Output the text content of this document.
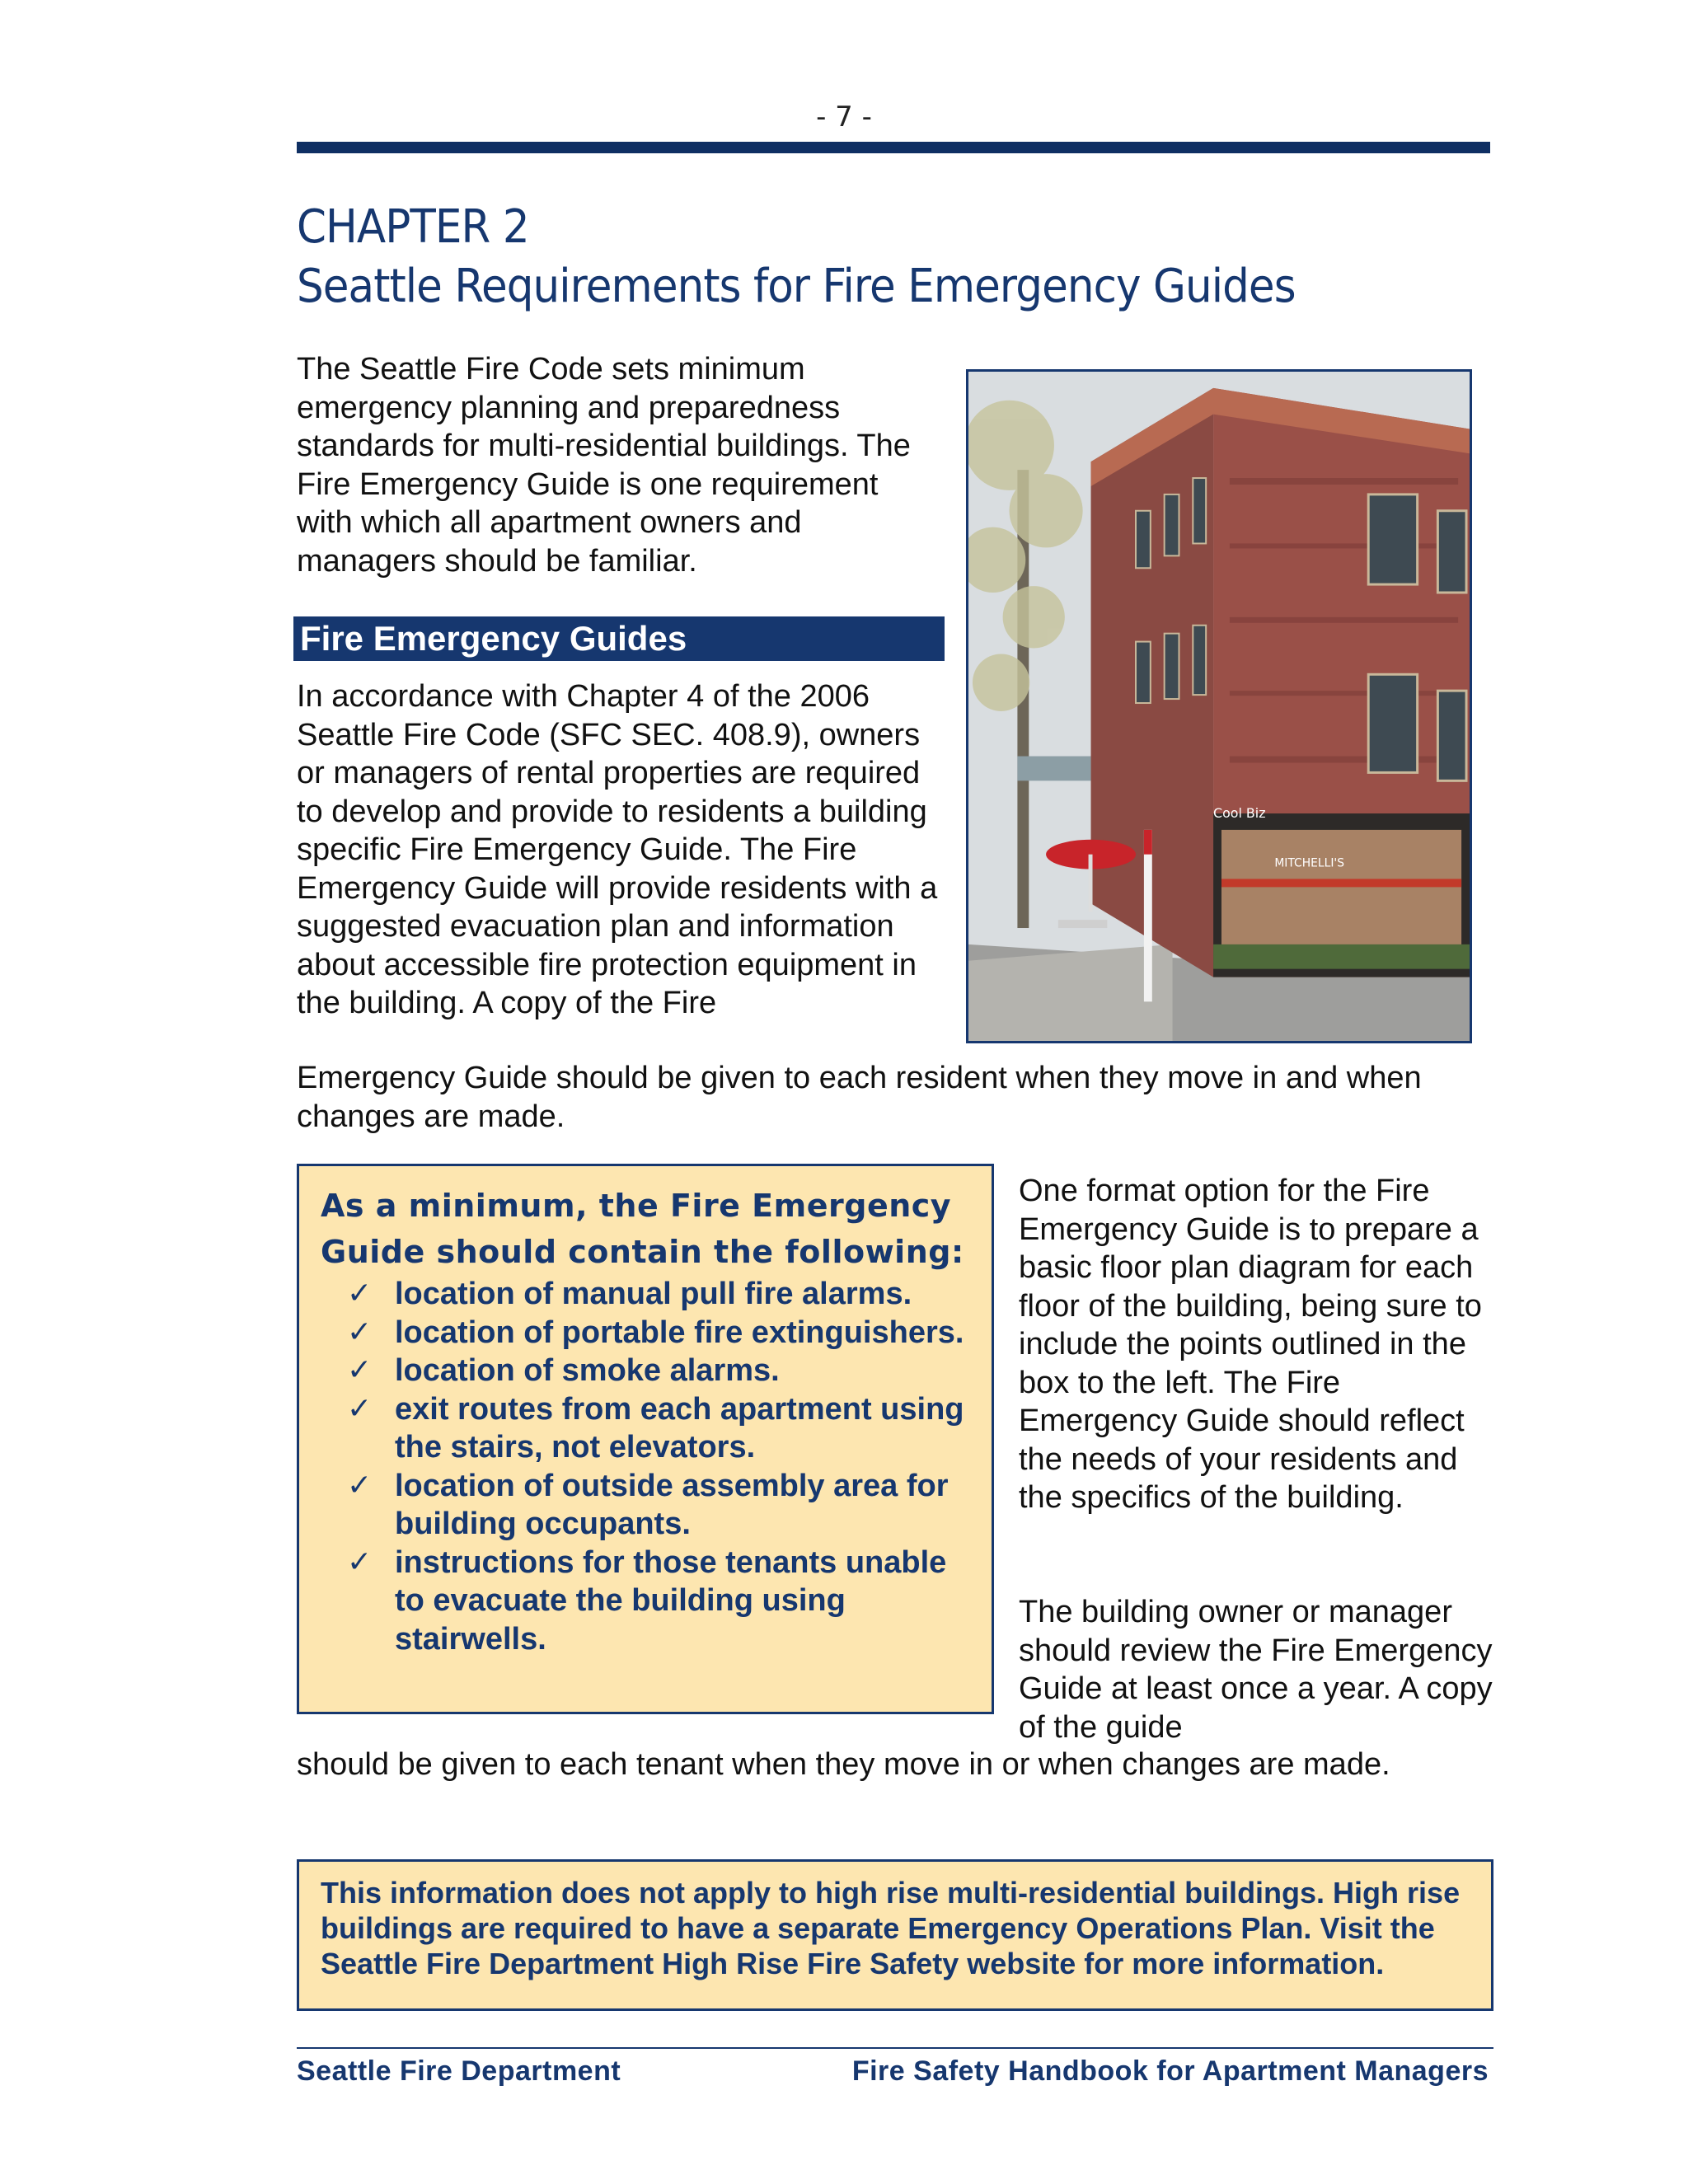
- 7 -
CHAPTER 2
Seattle Requirements for Fire Emergency Guides

The Seattle Fire Code sets minimum emergency planning and preparedness standards for multi-residential buildings. The Fire Emergency Guide is one requirement with which all apartment owners and managers should be familiar.

Fire Emergency Guides
Cool Biz
MITCHELLI'S

In accordance with Chapter 4 of the 2006 Seattle Fire Code (SFC SEC. 408.9), owners or managers of rental properties are required to develop and provide to residents a building specific Fire Emergency Guide. The Fire Emergency Guide will provide residents with a suggested evacuation plan and information about accessible fire protection equipment in the building. A copy of the Fire

Emergency Guide should be given to each resident when they move in and when changes are made.

As a minimum, the Fire Emergency Guide should contain the following:
✓ location of manual pull fire alarms.
✓ location of portable fire extinguishers.
✓ location of smoke alarms.
✓ exit routes from each apartment using the stairs, not elevators.
✓ location of outside assembly area for building occupants.
✓ instructions for those tenants unable to evacuate the building using stairwells.

One format option for the Fire Emergency Guide is to prepare a basic floor plan diagram for each floor of the building, being sure to include the points outlined in the box to the left. The Fire Emergency Guide should reflect the needs of your residents and the specifics of the building.

The building owner or manager should review the Fire Emergency Guide at least once a year. A copy of the guide

should be given to each tenant when they move in or when changes are made.

This information does not apply to high rise multi-residential buildings. High rise buildings are required to have a separate Emergency Operations Plan. Visit the Seattle Fire Department High Rise Fire Safety website for more information.
Seattle Fire Department	Fire Safety Handbook for Apartment Managers
